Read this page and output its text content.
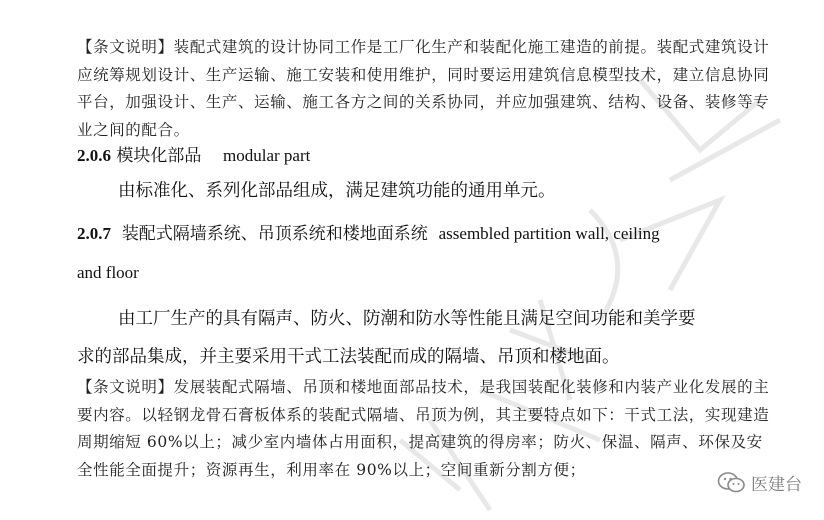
【条文说明】装配式建筑的设计协同工作是工厂化生产和装配化施工建造的前提。装配式建筑设计应统筹规划设计、生产运输、施工安装和使用维护，同时要运用建筑信息模型技术，建立信息协同平台，加强设计、生产、运输、施工各方之间的关系协同，并应加强建筑、结构、设备、装修等专业之间的配合。

2.0.6 模块化部品 modular part

由标准化、系列化部品组成，满足建筑功能的通用单元。

2.0.7 装配式隔墙系统、吊顶系统和楼地面系统 assembled partition wall, ceiling

and floor

由工厂生产的具有隔声、防火、防潮和防水等性能且满足空间功能和美学要

求的部品集成，并主要采用干式工法装配而成的隔墙、吊顶和楼地面。

【条文说明】发展装配式隔墙、吊顶和楼地面部品技术，是我国装配化装修和内装产业化发展的主要内容。以轻钢龙骨石膏板体系的装配式隔墙、吊顶为例，其主要特点如下：干式工法，实现建造周期缩短 60%以上；减少室内墙体占用面积，提高建筑的得房率；防火、保温、隔声、环保及安全性能全面提升；资源再生，利用率在 90%以上；空间重新分割方便；

医建台
